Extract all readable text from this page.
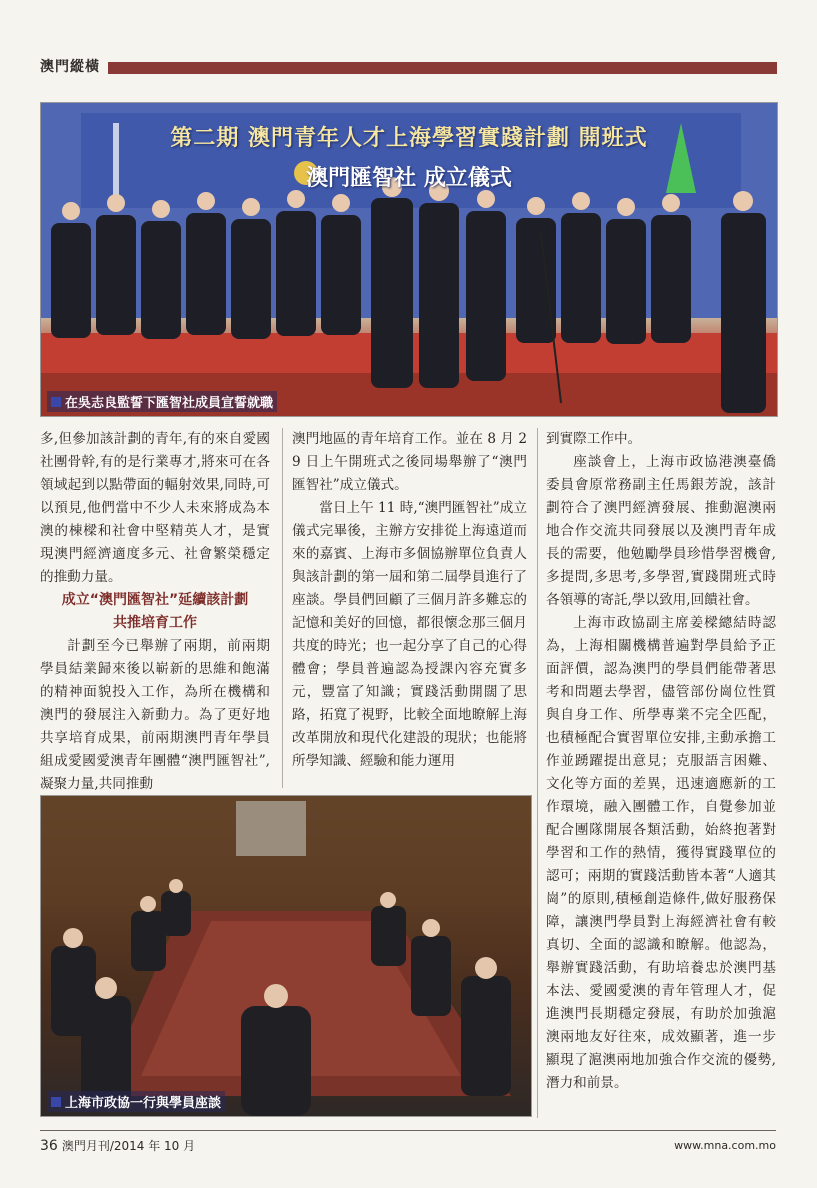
澳門縱橫
第二期 澳門青年人才上海學習實踐計劃 開班式
澳門匯智社 成立儀式
在吳志良監誓下匯智社成員宣誓就職

多,但參加該計劃的青年,有的來自愛國社團骨幹,有的是行業專才,將來可在各領域起到以點帶面的輻射效果,同時,可以預見,他們當中不少人未來將成為本澳的棟樑和社會中堅精英人才，是實現澳門經濟適度多元、社會繁榮穩定的推動力量。

成立“澳門匯智社”延續該計劃
共推培育工作

計劃至今已舉辦了兩期，前兩期學員結業歸來後以嶄新的思維和飽滿的精神面貌投入工作，為所在機構和澳門的發展注入新動力。為了更好地共享培育成果，前兩期澳門青年學員組成愛國愛澳青年團體“澳門匯智社”,凝聚力量,共同推動

澳門地區的青年培育工作。並在 8 月 29 日上午開班式之後同場舉辦了“澳門匯智社”成立儀式。

當日上午 11 時,“澳門匯智社”成立儀式完畢後，主辦方安排從上海遠道而來的嘉賓、上海市多個協辦單位負責人與該計劃的第一屆和第二屆學員進行了座談。學員們回顧了三個月許多難忘的記憶和美好的回憶，都很懷念那三個月共度的時光；也一起分享了自己的心得體會；學員普遍認為授課內容充實多元，豐富了知識；實踐活動開闊了思路，拓寬了視野，比較全面地瞭解上海改革開放和現代化建設的現狀；也能將所學知識、經驗和能力運用

到實際工作中。

座談會上，上海市政協港澳臺僑委員會原常務副主任馬銀芳說，該計劃符合了澳門經濟發展、推動滬澳兩地合作交流共同發展以及澳門青年成長的需要，他勉勵學員珍惜學習機會,多提問,多思考,多學習,實踐開班式時各領導的寄託,學以致用,回饋社會。

上海市政協副主席姜樑總結時認為，上海相關機構普遍對學員給予正面評價，認為澳門的學員們能帶著思考和問題去學習，儘管部份崗位性質與自身工作、所學專業不完全匹配，也積極配合實習單位安排,主動承擔工作並踴躍提出意見；克服語言困難、文化等方面的差異，迅速適應新的工作環境，融入團體工作，自覺參加並配合團隊開展各類活動，始終抱著對學習和工作的熱情，獲得實踐單位的認可；兩期的實踐活動皆本著“人適其崗”的原則,積極創造條件,做好服務保障，讓澳門學員對上海經濟社會有較真切、全面的認識和瞭解。他認為，舉辦實踐活動，有助培養忠於澳門基本法、愛國愛澳的青年管理人才，促進澳門長期穩定發展，有助於加強滬澳兩地友好往來，成效顯著，進一步顯現了滬澳兩地加強合作交流的優勢,潛力和前景。

上海市政協一行與學員座談
36 澳門月刊/2014 年 10 月	www.mna.com.mo
